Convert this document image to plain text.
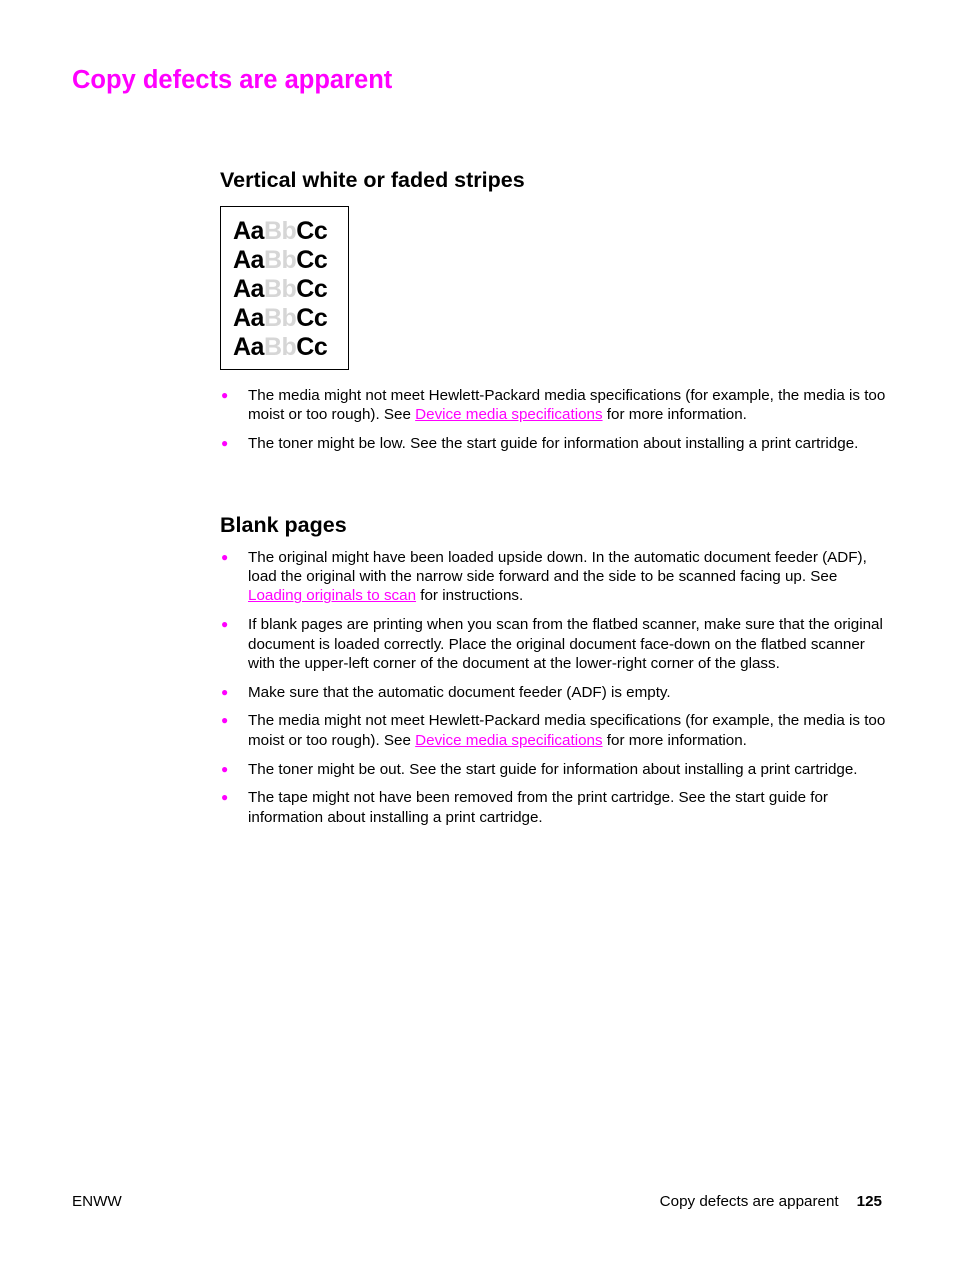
Copy defects are apparent
Vertical white or faded stripes
AaBbCc
AaBbCc
AaBbCc
AaBbCc
AaBbCc
● The media might not meet Hewlett-Packard media specifications (for example, the media is too moist or too rough). See Device media specifications for more information.
● The toner might be low. See the start guide for information about installing a print cartridge.
Blank pages
● The original might have been loaded upside down. In the automatic document feeder (ADF), load the original with the narrow side forward and the side to be scanned facing up. See Loading originals to scan for instructions.
● If blank pages are printing when you scan from the flatbed scanner, make sure that the original document is loaded correctly. Place the original document face-down on the flatbed scanner with the upper-left corner of the document at the lower-right corner of the glass.
● Make sure that the automatic document feeder (ADF) is empty.
● The media might not meet Hewlett-Packard media specifications (for example, the media is too moist or too rough). See Device media specifications for more information.
● The toner might be out. See the start guide for information about installing a print cartridge.
● The tape might not have been removed from the print cartridge. See the start guide for information about installing a print cartridge.
ENWW	Copy defects are apparent 125
